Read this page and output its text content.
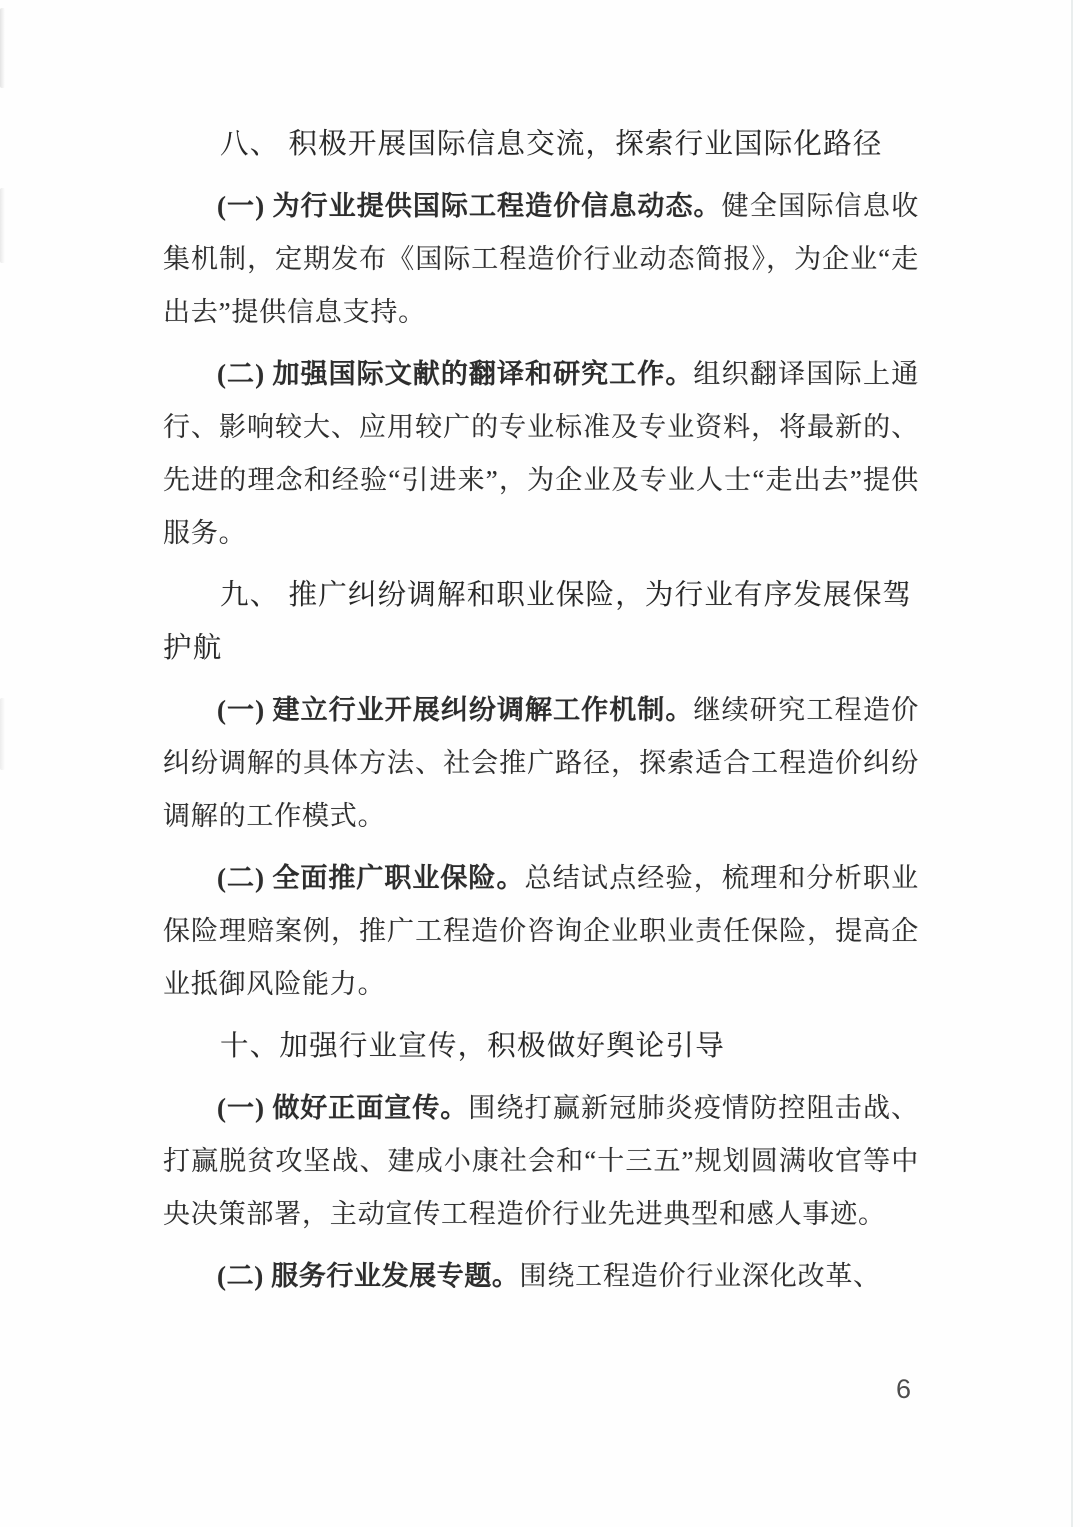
八、 积极开展国际信息交流，探索行业国际化路径

(一) 为行业提供国际工程造价信息动态。健全国际信息收集机制，定期发布《国际工程造价行业动态简报》，为企业“走出去”提供信息支持。

(二) 加强国际文献的翻译和研究工作。组织翻译国际上通行、影响较大、应用较广的专业标准及专业资料，将最新的、先进的理念和经验“引进来”，为企业及专业人士“走出去”提供服务。

九、 推广纠纷调解和职业保险，为行业有序发展保驾护航

(一) 建立行业开展纠纷调解工作机制。继续研究工程造价纠纷调解的具体方法、社会推广路径，探索适合工程造价纠纷调解的工作模式。

(二) 全面推广职业保险。总结试点经验，梳理和分析职业保险理赔案例，推广工程造价咨询企业职业责任保险，提高企业抵御风险能力。

十、加强行业宣传，积极做好舆论引导

(一) 做好正面宣传。围绕打赢新冠肺炎疫情防控阻击战、打赢脱贫攻坚战、建成小康社会和“十三五”规划圆满收官等中央决策部署，主动宣传工程造价行业先进典型和感人事迹。

(二) 服务行业发展专题。围绕工程造价行业深化改革、

6
